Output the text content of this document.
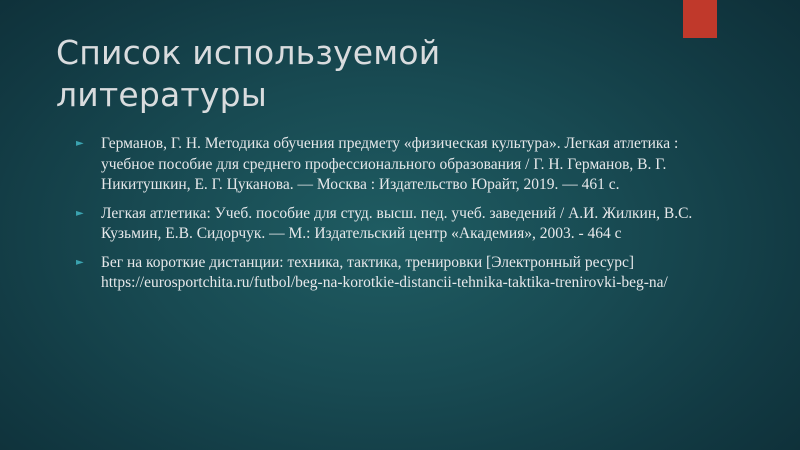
Список используемой литературы
► Германов, Г. Н. Методика обучения предмету «физическая культура». Легкая атлетика : учебное пособие для среднего профессионального образования / Г. Н. Германов, В. Г. Никитушкин, Е. Г. Цуканова. — Москва : Издательство Юрайт, 2019. — 461 с.
► Легкая атлетика: Учеб. пособие для студ. высш. пед. учеб. заведений / А.И. Жилкин, В.С. Кузьмин, Е.В. Сидорчук. — М.: Издательский центр «Академия», 2003. - 464 с
► Бег на короткие дистанции: техника, тактика, тренировки [Электронный ресурс] https://eurosportchita.ru/futbol/beg-na-korotkie-distancii-tehnika-taktika-trenirovki-beg-na/
